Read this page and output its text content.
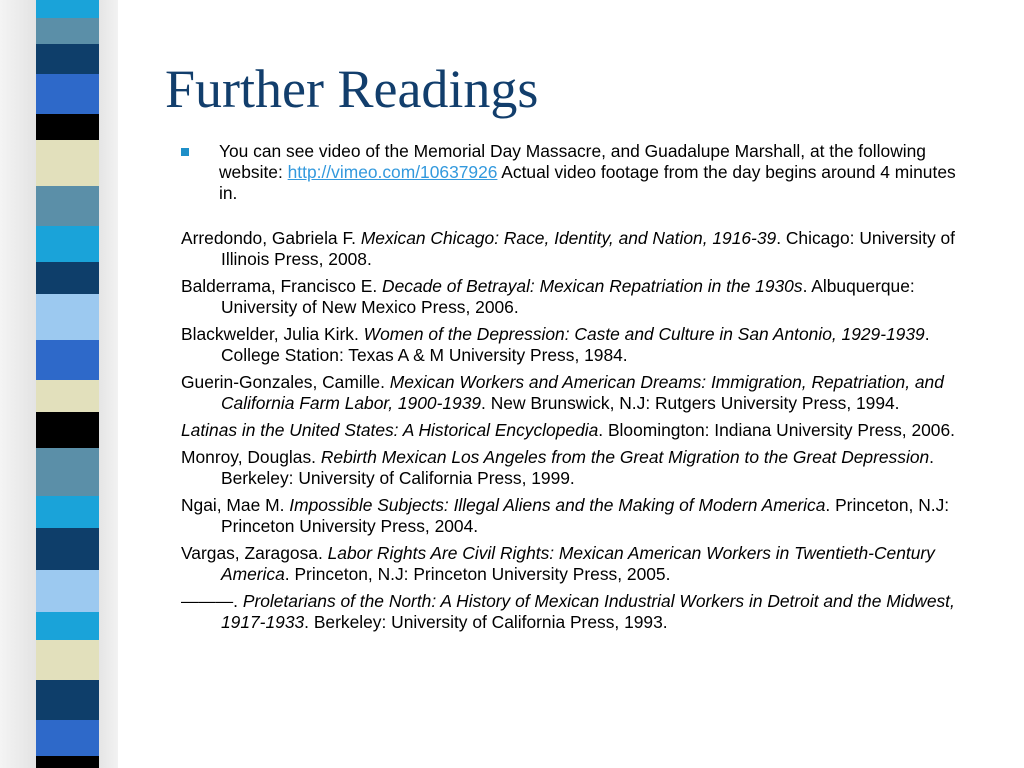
Further Readings
You can see video of the Memorial Day Massacre, and Guadalupe Marshall, at the following website: http://vimeo.com/10637926 Actual video footage from the day begins around 4 minutes in.

Arredondo, Gabriela F. Mexican Chicago: Race, Identity, and Nation, 1916-39. Chicago: University of Illinois Press, 2008.

Balderrama, Francisco E. Decade of Betrayal: Mexican Repatriation in the 1930s. Albuquerque: University of New Mexico Press, 2006.

Blackwelder, Julia Kirk. Women of the Depression: Caste and Culture in San Antonio, 1929-1939. College Station: Texas A & M University Press, 1984.

Guerin-Gonzales, Camille. Mexican Workers and American Dreams: Immigration, Repatriation, and California Farm Labor, 1900-1939. New Brunswick, N.J: Rutgers University Press, 1994.

Latinas in the United States: A Historical Encyclopedia. Bloomington: Indiana University Press, 2006.

Monroy, Douglas. Rebirth Mexican Los Angeles from the Great Migration to the Great Depression. Berkeley: University of California Press, 1999.

Ngai, Mae M. Impossible Subjects: Illegal Aliens and the Making of Modern America. Princeton, N.J: Princeton University Press, 2004.

Vargas, Zaragosa. Labor Rights Are Civil Rights: Mexican American Workers in Twentieth-Century America. Princeton, N.J: Princeton University Press, 2005.

———. Proletarians of the North: A History of Mexican Industrial Workers in Detroit and the Midwest, 1917-1933. Berkeley: University of California Press, 1993.
